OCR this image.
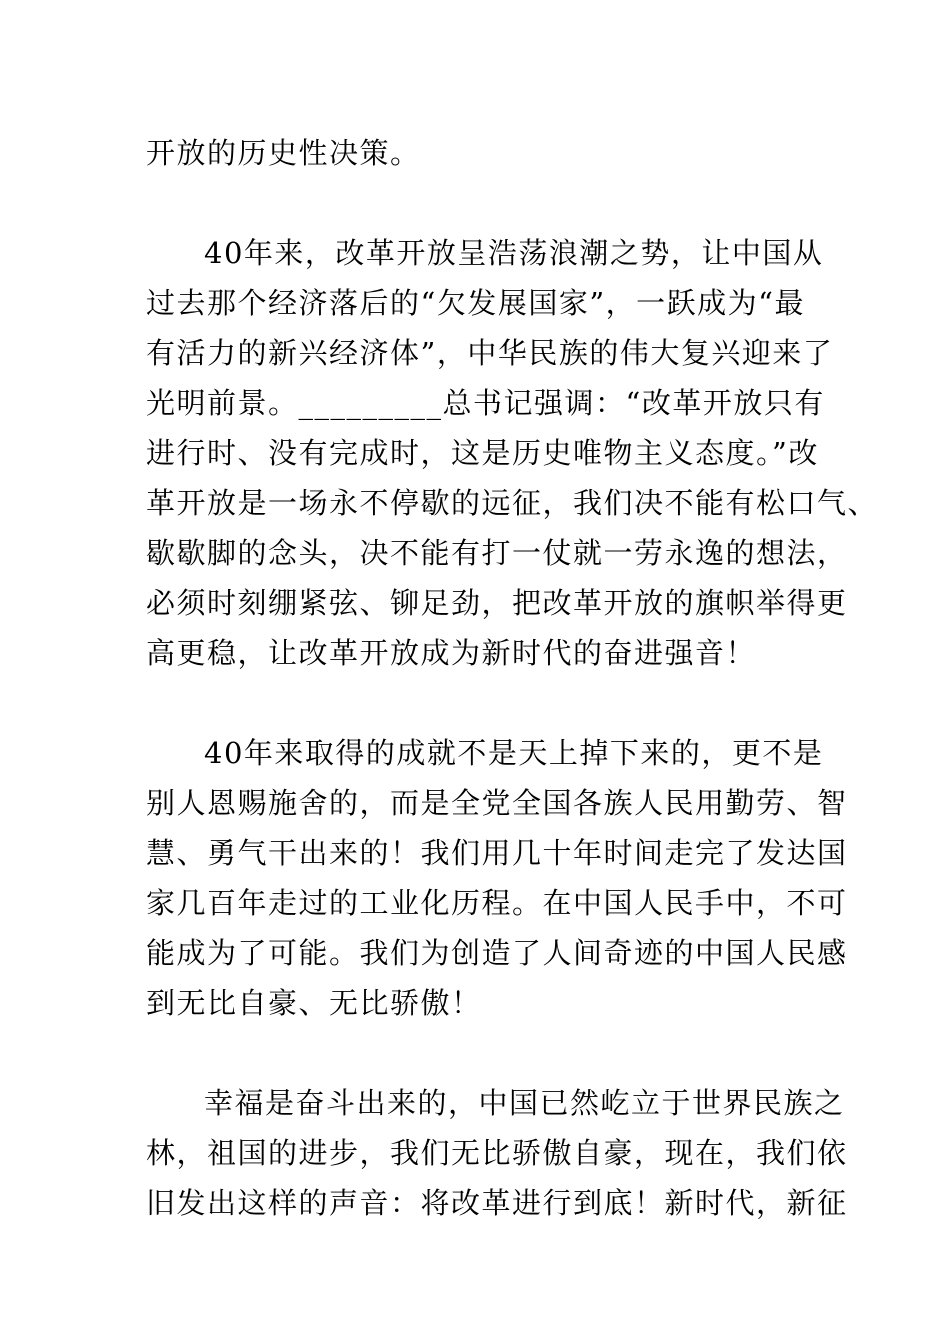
开放的历史性决策。
40年来，改革开放呈浩荡浪潮之势，让中国从
过去那个经济落后的“欠发展国家”，一跃成为“最
有活力的新兴经济体”，中华民族的伟大复兴迎来了
光明前景。_________总书记强调：“改革开放只有
进行时、没有完成时，这是历史唯物主义态度。”改
革开放是一场永不停歇的远征，我们决不能有松口气、
歇歇脚的念头，决不能有打一仗就一劳永逸的想法，
必须时刻绷紧弦、铆足劲，把改革开放的旗帜举得更
高更稳，让改革开放成为新时代的奋进强音！
40年来取得的成就不是天上掉下来的，更不是
别人恩赐施舍的，而是全党全国各族人民用勤劳、智
慧、勇气干出来的！我们用几十年时间走完了发达国
家几百年走过的工业化历程。在中国人民手中，不可
能成为了可能。我们为创造了人间奇迹的中国人民感
到无比自豪、无比骄傲！
幸福是奋斗出来的，中国已然屹立于世界民族之
林，祖国的进步，我们无比骄傲自豪，现在，我们依
旧发出这样的声音：将改革进行到底！新时代，新征
